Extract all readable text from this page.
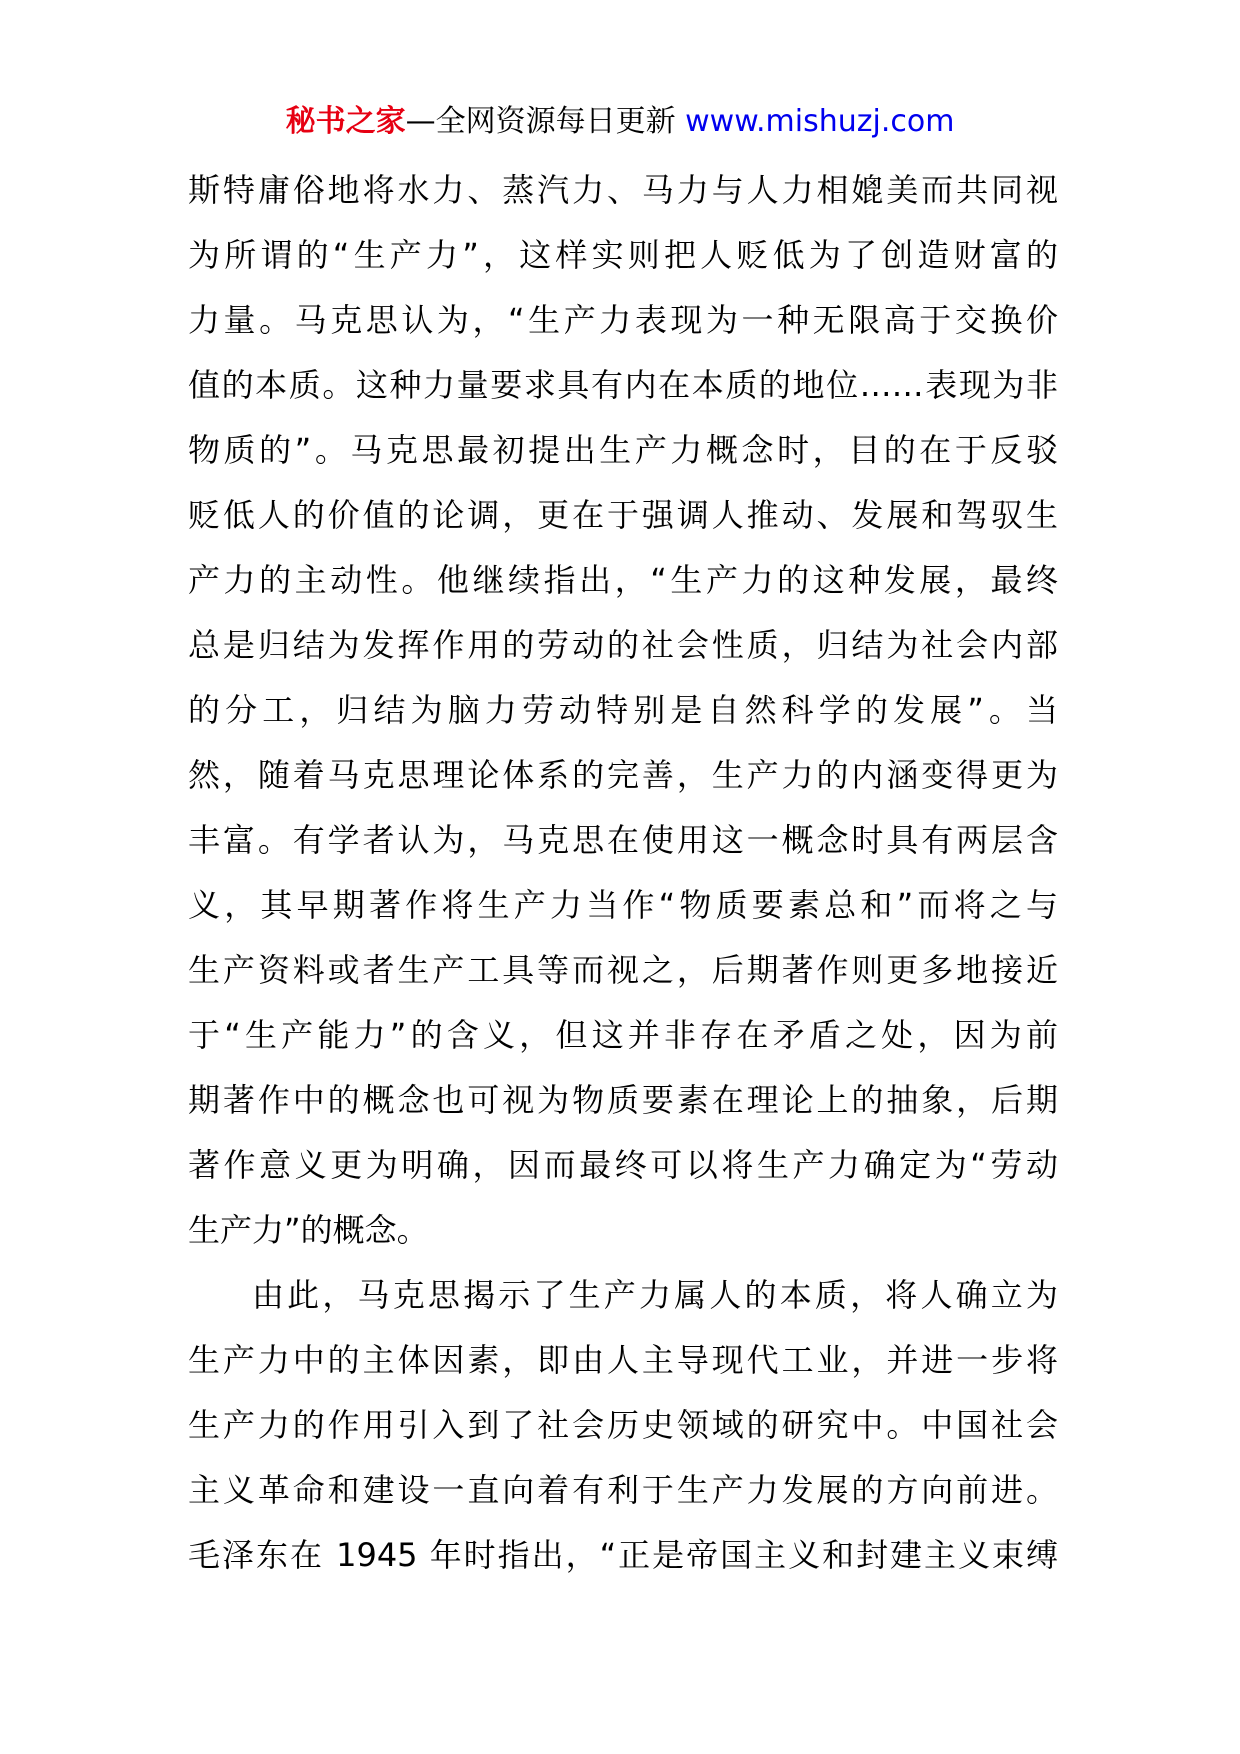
秘书之家—全网资源每日更新 www.mishuzj.com
斯特庸俗地将水力、蒸汽力、马力与人力相媲美而共同视
为所谓的“生产力”，这样实则把人贬低为了创造财富的
力量。马克思认为，“生产力表现为一种无限高于交换价
值的本质。这种力量要求具有内在本质的地位……表现为非
物质的”。马克思最初提出生产力概念时，目的在于反驳
贬低人的价值的论调，更在于强调人推动、发展和驾驭生
产力的主动性。他继续指出，“生产力的这种发展，最终
总是归结为发挥作用的劳动的社会性质，归结为社会内部
的分工，归结为脑力劳动特别是自然科学的发展”。当
然，随着马克思理论体系的完善，生产力的内涵变得更为
丰富。有学者认为，马克思在使用这一概念时具有两层含
义，其早期著作将生产力当作“物质要素总和”而将之与
生产资料或者生产工具等而视之，后期著作则更多地接近
于“生产能力”的含义，但这并非存在矛盾之处，因为前
期著作中的概念也可视为物质要素在理论上的抽象，后期
著作意义更为明确，因而最终可以将生产力确定为“劳动
生产力”的概念。
由此，马克思揭示了生产力属人的本质，将人确立为
生产力中的主体因素，即由人主导现代工业，并进一步将
生产力的作用引入到了社会历史领域的研究中。中国社会
主义革命和建设一直向着有利于生产力发展的方向前进。
毛泽东在 1945 年时指出，“正是帝国主义和封建主义束缚
